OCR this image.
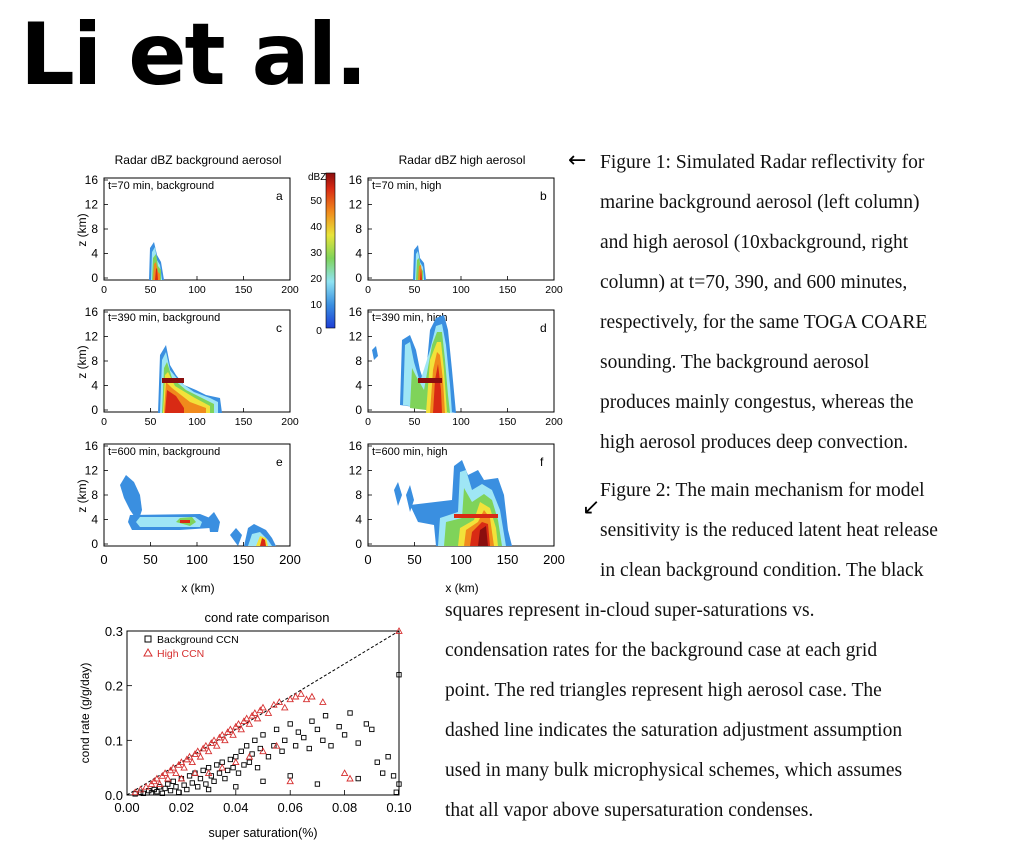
Li et al.
Radar dBZ background aerosol	Radar dBZ high aerosol
t=70 min, background
a
16
12
8
4
0
0	50	100	150	200
t=70 min, high
b
16
12
8
4
0
0	50	100	150	200
t=390 min, background
c
16
12
8
4
0
0	50	100	150	200
t=390 min, high
d
16
12
8
4
0
0	50	100	150	200
t=600 min, background
e
16
12
8
4
0
0	50 100 150 200
t=600 min, high
f
16
12
8
4
0
0	50 100 150 200
dBZ
50
40
30
20
10
0
z (km)
z (km)
z (km)
x (km)	x (km)
←
↙
Figure 1: Simulated Radar reflectivity for
marine background aerosol (left column)
and high aerosol (10xbackground, right
column) at t=70, 390, and 600 minutes,
respectively, for the same TOGA COARE
sounding. The background aerosol
produces mainly congestus, whereas the
high aerosol produces deep convection.
Figure 2: The main mechanism for model
sensitivity is the reduced latent heat release
in clean background condition. The black
squares represent in-cloud super-saturations vs.
condensation rates for the background case at each grid
point. The red triangles represent high aerosol case. The
dashed line indicates the saturation adjustment assumption
used in many bulk microphysical schemes, which assumes
that all vapor above supersaturation condenses.
cond rate comparison
0.00 0.02 0.04 0.06 0.08 0.10
0.3
0.2
0.1
0.0
Background CCN
High CCN
super saturation(%)
cond rate (g/g/day)
